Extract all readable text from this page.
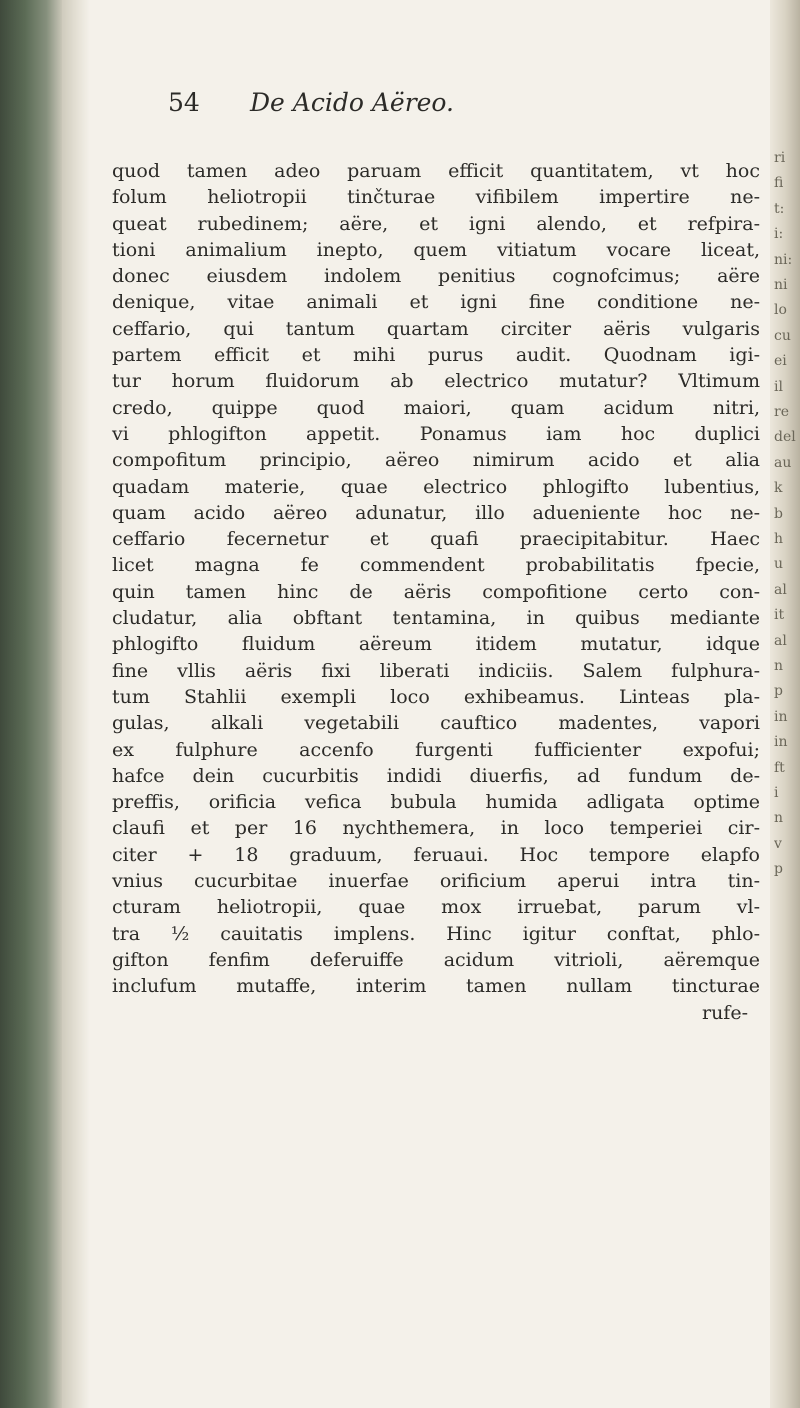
ri
fi
t:
i:
ni:
ni
lo
cu
ei
il
re
del
au
k
b
h
u
al
it
al
n
p
in
in
ft
i
n
v
p
54 De Acido Aëreo.
quod tamen adeo paruam efficit quantitatem, vt hoc
folum heliotropii tinčturae vifibilem impertire ne-
queat rubedinem; aëre, et igni alendo, et refpira-
tioni animalium inepto, quem vitiatum vocare liceat,
donec eiusdem indolem penitius cognofcimus; aëre
denique, vitae animali et igni fine conditione ne-
ceffario, qui tantum quartam circiter aëris vulgaris
partem efficit et mihi purus audit. Quodnam igi-
tur horum fluidorum ab electrico mutatur? Vltimum
credo, quippe quod maiori, quam acidum nitri,
vi phlogifton appetit. Ponamus iam hoc duplici
compofitum principio, aëreo nimirum acido et alia
quadam materie, quae electrico phlogifto lubentius,
quam acido aëreo adunatur, illo adueniente hoc ne-
ceffario fecernetur et quafi praecipitabitur. Haec
licet magna fe commendent probabilitatis fpecie,
quin tamen hinc de aëris compofitione certo con-
cludatur, alia obftant tentamina, in quibus mediante
phlogifto fluidum aëreum itidem mutatur, idque
fine vllis aëris fixi liberati indiciis. Salem fulphura-
tum Stahlii exempli loco exhibeamus. Linteas pla-
gulas, alkali vegetabili cauftico madentes, vapori
ex fulphure accenfo furgenti fufficienter expofui;
hafce dein cucurbitis indidi diuerfis, ad fundum de-
preffis, orificia vefica bubula humida adligata optime
claufi et per 16 nychthemera, in loco temperiei cir-
citer + 18 graduum, feruaui. Hoc tempore elapfo
vnius cucurbitae inuerfae orificium aperui intra tin-
cturam heliotropii, quae mox irruebat, parum vl-
tra ½ cauitatis implens. Hinc igitur conftat, phlo-
gifton fenfim deferuiffe acidum vitrioli, aëremque
inclufum mutaffe, interim tamen nullam tincturae
rufe-
